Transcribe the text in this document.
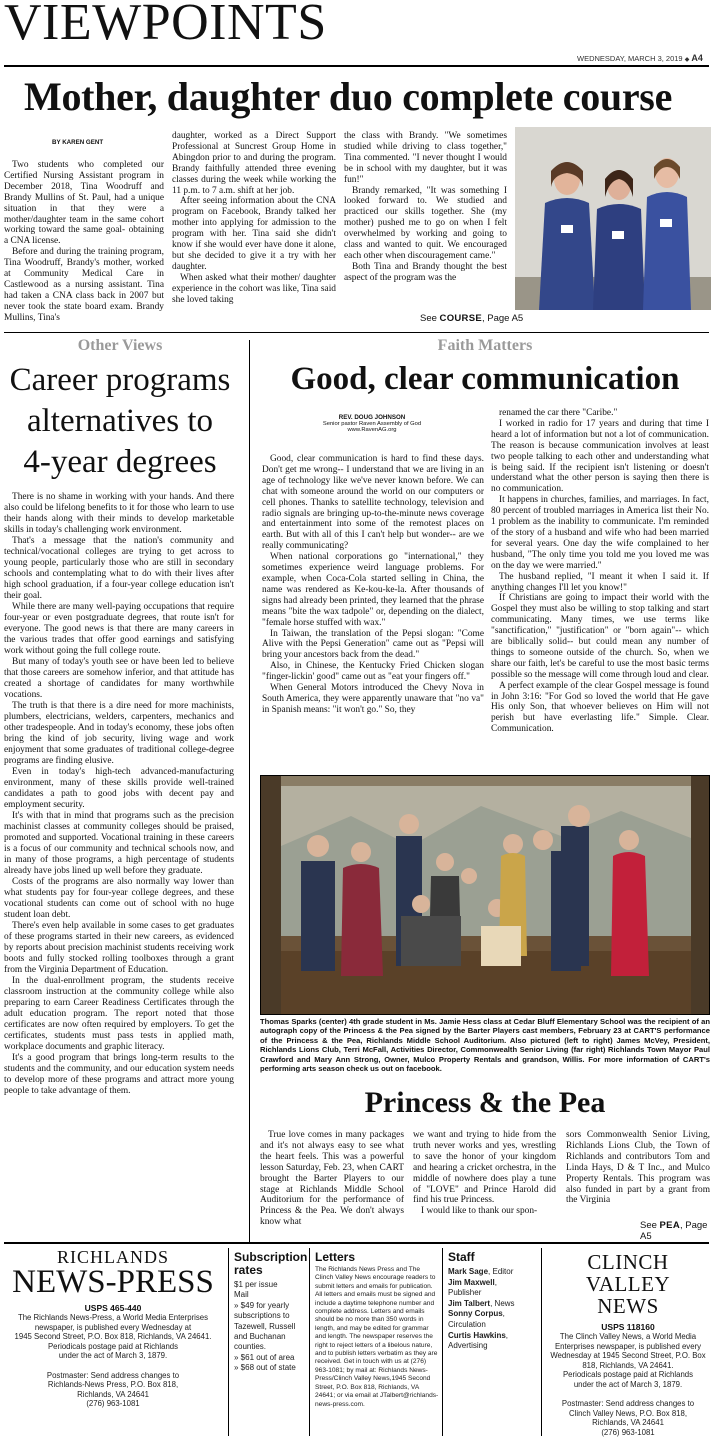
VIEWPOINTS
WEDNESDAY, MARCH 3, 2019 ◆ A4
Mother, daughter duo complete course
BY KAREN GENT

Two students who completed our Certified Nursing Assistant program in December 2018, Tina Woodruff and Brandy Mullins of St. Paul, had a unique situation in that they were a mother/daughter team in the same cohort working toward the same goal- obtaining a CNA license.

Before and during the training program, Tina Woodruff, Brandy's mother, worked at Community Medical Care in Castlewood as a nursing assistant. Tina had taken a CNA class back in 2007 but never took the state board exam. Brandy Mullins, Tina's

daughter, worked as a Direct Support Professional at Suncrest Group Home in Abingdon prior to and during the program. Brandy faithfully attended three evening classes during the week while working the 11 p.m. to 7 a.m. shift at her job.

After seeing information about the CNA program on Facebook, Brandy talked her mother into applying for admission to the program with her. Tina said she didn't know if she would ever have done it alone, but she decided to give it a try with her daughter.

When asked what their mother/ daughter experience in the cohort was like, Tina said she loved taking

the class with Brandy. "We sometimes studied while driving to class together," Tina commented. "I never thought I would be in school with my daughter, but it was fun!"

Brandy remarked, "It was something I looked forward to. We studied and practiced our skills together. She (my mother) pushed me to go on when I felt overwhelmed by working and going to class and wanted to quit. We encouraged each other when discouragement came."

Both Tina and Brandy thought the best aspect of the program was the

See COURSE, Page A5
Other Views
Career programs
alternatives to
4-year degrees

There is no shame in working with your hands. And there also could be lifelong benefits to it for those who learn to use their hands along with their minds to develop marketable skills in today's challenging work environment.

That's a message that the nation's community and technical/vocational colleges are trying to get across to young people, particularly those who are still in secondary schools and contemplating what to do with their lives after high school graduation, if a four-year college education isn't their goal.

While there are many well-paying occupations that require four-year or even postgraduate degrees, that route isn't for everyone. The good news is that there are many careers in the various trades that offer good earnings and satisfying work without going the full college route.

But many of today's youth see or have been led to believe that those careers are somehow inferior, and that attitude has created a shortage of candidates for many worthwhile vocations.

The truth is that there is a dire need for more machinists, plumbers, electricians, welders, carpenters, mechanics and other tradespeople. And in today's economy, these jobs often bring the kind of job security, living wage and work enjoyment that some graduates of traditional college-degree programs are finding elusive.

Even in today's high-tech advanced-manufacturing environment, many of these skills provide well-trained candidates a path to good jobs with decent pay and employment security.

It's with that in mind that programs such as the precision machinist classes at community colleges should be praised, promoted and supported. Vocational training in these careers is a focus of our community and technical schools now, and in many of those programs, a high percentage of students already have jobs lined up well before they graduate.

Costs of the programs are also normally way lower than what students pay for four-year college degrees, and these vocational students can come out of school with no huge student loan debt.

There's even help available in some cases to get graduates of these programs started in their new careers, as evidenced by reports about precision machinist students receiving work boots and fully stocked rolling toolboxes through a grant from the Virginia Department of Education.

In the dual-enrollment program, the students receive classroom instruction at the community college while also preparing to earn Career Readiness Certificates through the adult education program. The report noted that those certificates are now often required by employers. To get the certificates, students must pass tests in applied math, workplace documents and graphic literacy.

It's a good program that brings long-term results to the students and the community, and our education system needs to develop more of these programs and attract more young people to take advantage of them.

Faith Matters
Good, clear communication
REV. DOUG JOHNSON
Senior pastor Raven Assembly of God
www.RavenAG.org

Good, clear communication is hard to find these days. Don't get me wrong-- I understand that we are living in an age of technology like we've never known before. We can chat with someone around the world on our computers or cell phones. Thanks to satellite technology, television and radio signals are bringing up-to-the-minute news coverage and entertainment into some of the remotest places on earth. But with all of this I can't help but wonder-- are we really communicating?

When national corporations go "international," they sometimes experience weird language problems. For example, when Coca-Cola started selling in China, the name was rendered as Ke-kou-ke-la. After thousands of signs had already been printed, they learned that the phrase means "bite the wax tadpole" or, depending on the dialect, "female horse stuffed with wax."

In Taiwan, the translation of the Pepsi slogan: "Come Alive with the Pepsi Generation" came out as "Pepsi will bring your ancestors back from the dead."

Also, in Chinese, the Kentucky Fried Chicken slogan "finger-lickin' good" came out as "eat your fingers off."

When General Motors introduced the Chevy Nova in South America, they were apparently unaware that "no va" in Spanish means: "it won't go." So, they

renamed the car there "Caribe."

I worked in radio for 17 years and during that time I heard a lot of information but not a lot of communication. The reason is because communication involves at least two people talking to each other and understanding what is being said. If the recipient isn't listening or doesn't understand what the other person is saying then there is no communication.

It happens in churches, families, and marriages. In fact, 80 percent of troubled marriages in America list their No. 1 problem as the inability to communicate. I'm reminded of the story of a husband and wife who had been married for several years. One day the wife complained to her husband, "The only time you told me you loved me was on the day we were married."

The husband replied, "I meant it when I said it. If anything changes I'll let you know!"

If Christians are going to impact their world with the Gospel they must also be willing to stop talking and start communicating. Many times, we use terms like "sanctification," "justification" or "born again"-- which are biblically solid-- but could mean any number of things to someone outside of the church. So, when we share our faith, let's be careful to use the most basic terms possible so the message will come through loud and clear.

A perfect example of the clear Gospel message is found in John 3:16: "For God so loved the world that He gave His only Son, that whoever believes on Him will not perish but have everlasting life." Simple. Clear. Communication.

Thomas Sparks (center) 4th grade student in Ms. Jamie Hess class at Cedar Bluff Elementary School was the recipient of an autograph copy of the Princess & the Pea signed by the Barter Players cast members, February 23 at CART'S performance of the Princess & the Pea, Richlands Middle School Auditorium. Also pictured (left to right) James McVey, President, Richlands Lions Club, Terri McFall, Activities Director, Commonwealth Senior Living (far right) Richlands Town Mayor Paul Crawford and Mary Ann Strong, Owner, Mulco Property Rentals and grandson, Willis. For more information of CART's performing arts season check us out on facebook.
Princess & the Pea

True love comes in many packages and it's not always easy to see what the heart feels. This was a powerful lesson Saturday, Feb. 23, when CART brought the Barter Players to our stage at Richlands Middle School Auditorium for the performance of Princess & the Pea. We don't always know what

we want and trying to hide from the truth never works and yes, wrestling to save the honor of your kingdom and hearing a cricket orchestra, in the middle of nowhere does play a tune of "LOVE" and Prince Harold did find his true Princess.

I would like to thank our spon-

sors Commonwealth Senior Living, Richlands Lions Club, the Town of Richlands and contributors Tom and Linda Hays, D & T Inc., and Mulco Property Rentals. This program was also funded in part by a grant from the Virginia

See PEA, Page A5
RICHLANDS
NEWS-PRESS
USPS 465-440
The Richlands News-Press, a World Media Enterprises
newspaper, is published every Wednesday at
1945 Second Street, P.O. Box 818, Richlands, VA 24641.
Periodicals postage paid at Richlands
under the act of March 3, 1879.
Postmaster: Send address changes to
Richlands-News Press, P.O. Box 818,
Richlands, VA 24641
(276) 963-1081
Subscription
rates
$1 per issue
Mail
» $49 for yearly
subscriptions to
Tazewell, Russell
and Buchanan
counties.
» $61 out of area
» $68 out of state
Letters
The Richlands News Press and The Clinch Valley News encourage readers to submit letters and emails for publication. All letters and emails must be signed and include a daytime telephone number and complete address. Letters and emails should be no more than 350 words in length, and may be edited for grammar and length. The newspaper reserves the right to reject letters of a libelous nature, and to publish letters verbatim as they are received. Get in touch with us at (276) 963-1081; by mail at: Richlands News-Press/Clinch Valley News,1945 Second Street, P.O. Box 818, Richlands, VA 24641; or via email at JTalbert@richlands-news-press.com.
Staff
Mark Sage, Editor
Jim Maxwell,
Publisher
Jim Talbert, News
Sonny Corpus,
Circulation
Curtis Hawkins,
Advertising
CLINCH VALLEY
NEWS
USPS 118160
The Clinch Valley News, a World Media
Enterprises newspaper, is published every
Wednesday at 1945 Second Street, P.O. Box
818, Richlands, VA 24641.
Periodicals postage paid at Richlands
under the act of March 3, 1879.
Postmaster: Send address changes to
Clinch Valley News, P.O. Box 818,
Richlands, VA 24641
(276) 963-1081
